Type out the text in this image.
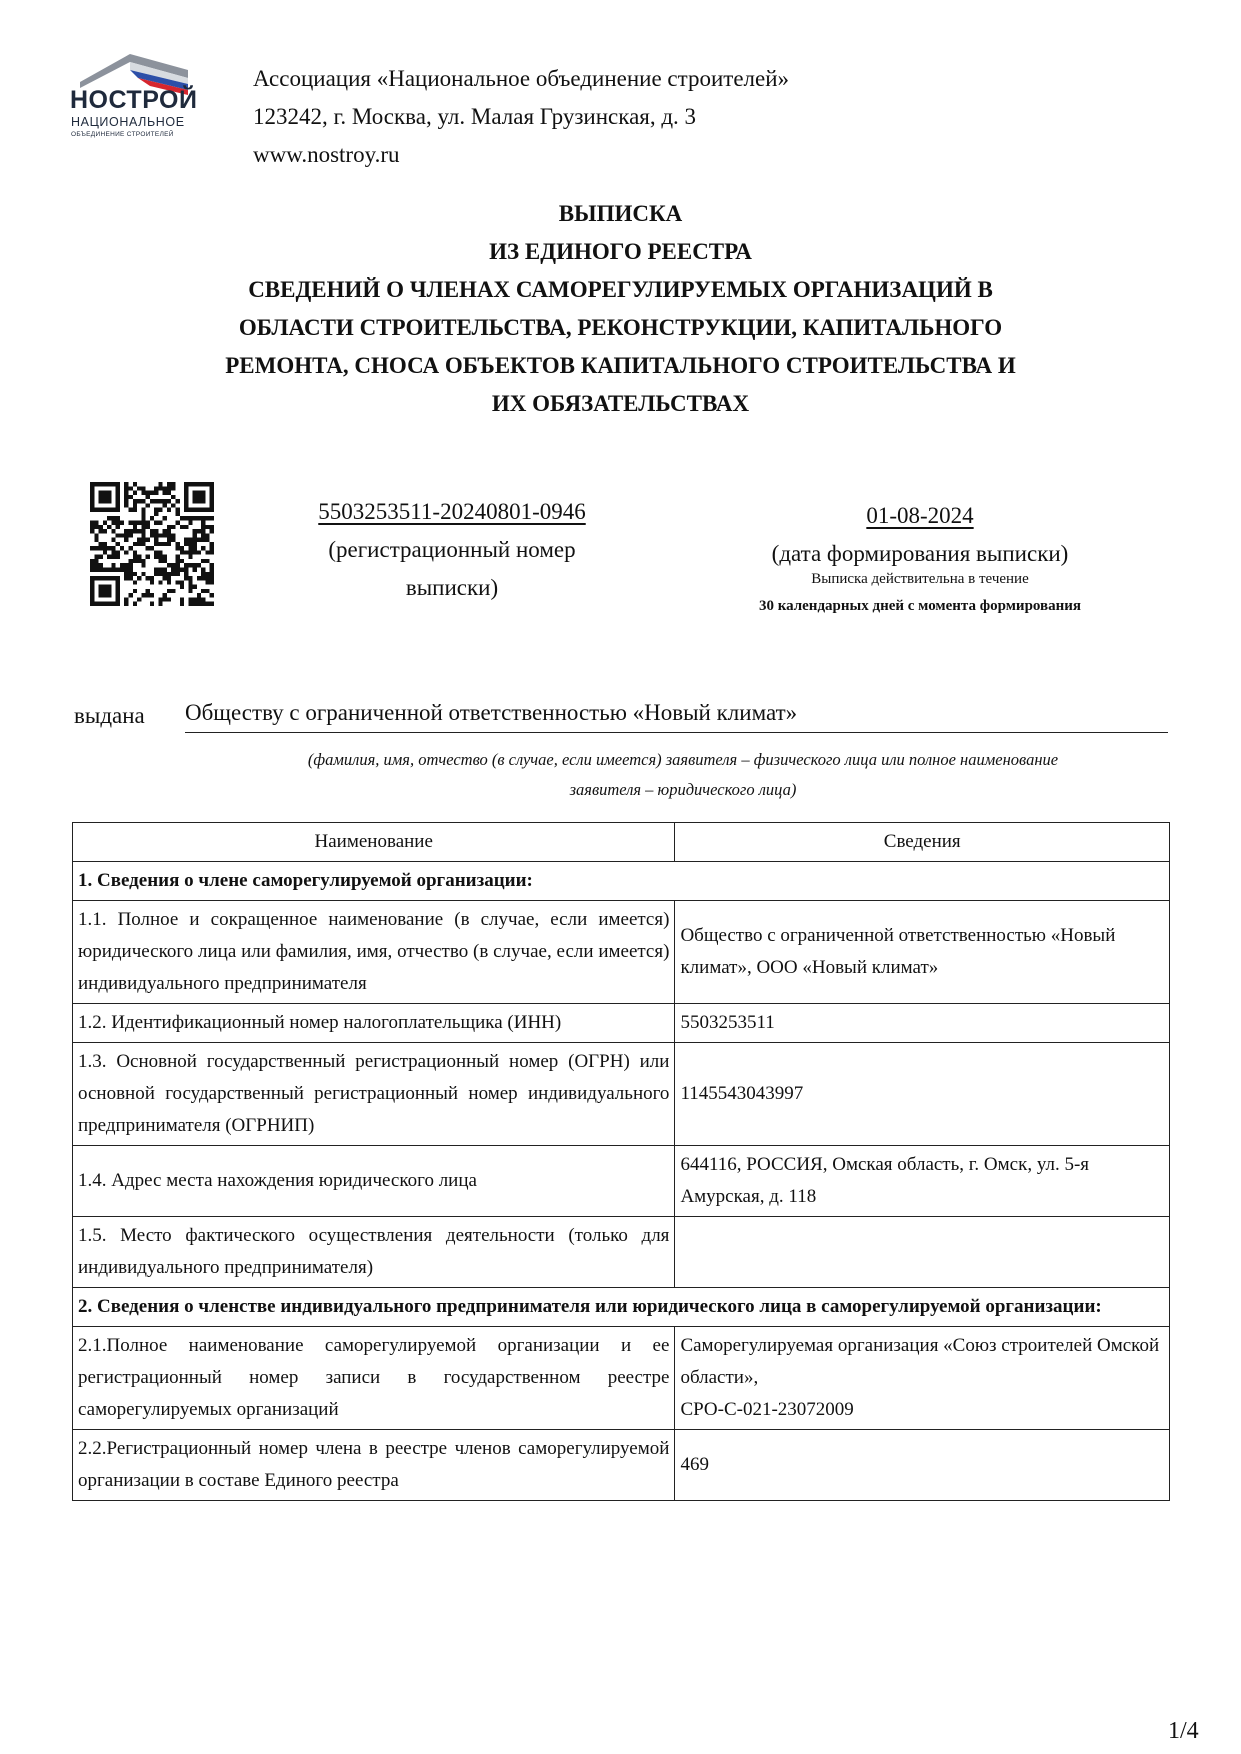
НОСТРОЙ
НАЦИОНАЛЬНОЕ
ОБЪЕДИНЕНИЕ СТРОИТЕЛЕЙ
Ассоциация «Национальное объединение строителей»
123242, г. Москва, ул. Малая Грузинская, д. 3
www.nostroy.ru
ВЫПИСКА
ИЗ ЕДИНОГО РЕЕСТРА
СВЕДЕНИЙ О ЧЛЕНАХ САМОРЕГУЛИРУЕМЫХ ОРГАНИЗАЦИЙ В
ОБЛАСТИ СТРОИТЕЛЬСТВА, РЕКОНСТРУКЦИИ, КАПИТАЛЬНОГО
РЕМОНТА, СНОСА ОБЪЕКТОВ КАПИТАЛЬНОГО СТРОИТЕЛЬСТВА И
ИХ ОБЯЗАТЕЛЬСТВАХ
5503253511-20240801-0946
(регистрационный номер
выписки)
01-08-2024
(дата формирования выписки)
Выписка действительна в течение
30 календарных дней с момента формирования
выдана Обществу с ограниченной ответственностью «Новый климат»
(фамилия, имя, отчество (в случае, если имеется) заявителя – физического лица или полное наименование
заявителя – юридического лица)
Наименование	Сведения
1. Сведения о члене саморегулируемой организации:	
1.1. Полное и сокращенное наименование (в случае, если имеется) юридического лица или фамилия, имя, отчество (в случае, если имеется) индивидуального предпринимателя	Общество с ограниченной ответственностью «Новый климат», ООО «Новый климат»
1.2. Идентификационный номер налогоплательщика (ИНН)	5503253511
1.3. Основной государственный регистрационный номер (ОГРН) или основной государственный регистрационный номер индивидуального предпринимателя (ОГРНИП)	1145543043997
1.4. Адрес места нахождения юридического лица	644116, РОССИЯ, Омская область, г. Омск, ул. 5-я Амурская, д. 118
1.5. Место фактического осуществления деятельности (только для индивидуального предпринимателя)	
2. Сведения о членстве индивидуального предпринимателя или юридического лица в саморегулируемой организации:	
2.1.Полное наименование саморегулируемой организации и ее регистрационный номер записи в государственном реестре саморегулируемых организаций	Саморегулируемая организация «Союз строителей Омской области»,
СРО-С-021-23072009

2.2.Регистрационный номер члена в реестре членов саморегулируемой организации в составе Единого реестра	469
1/4
